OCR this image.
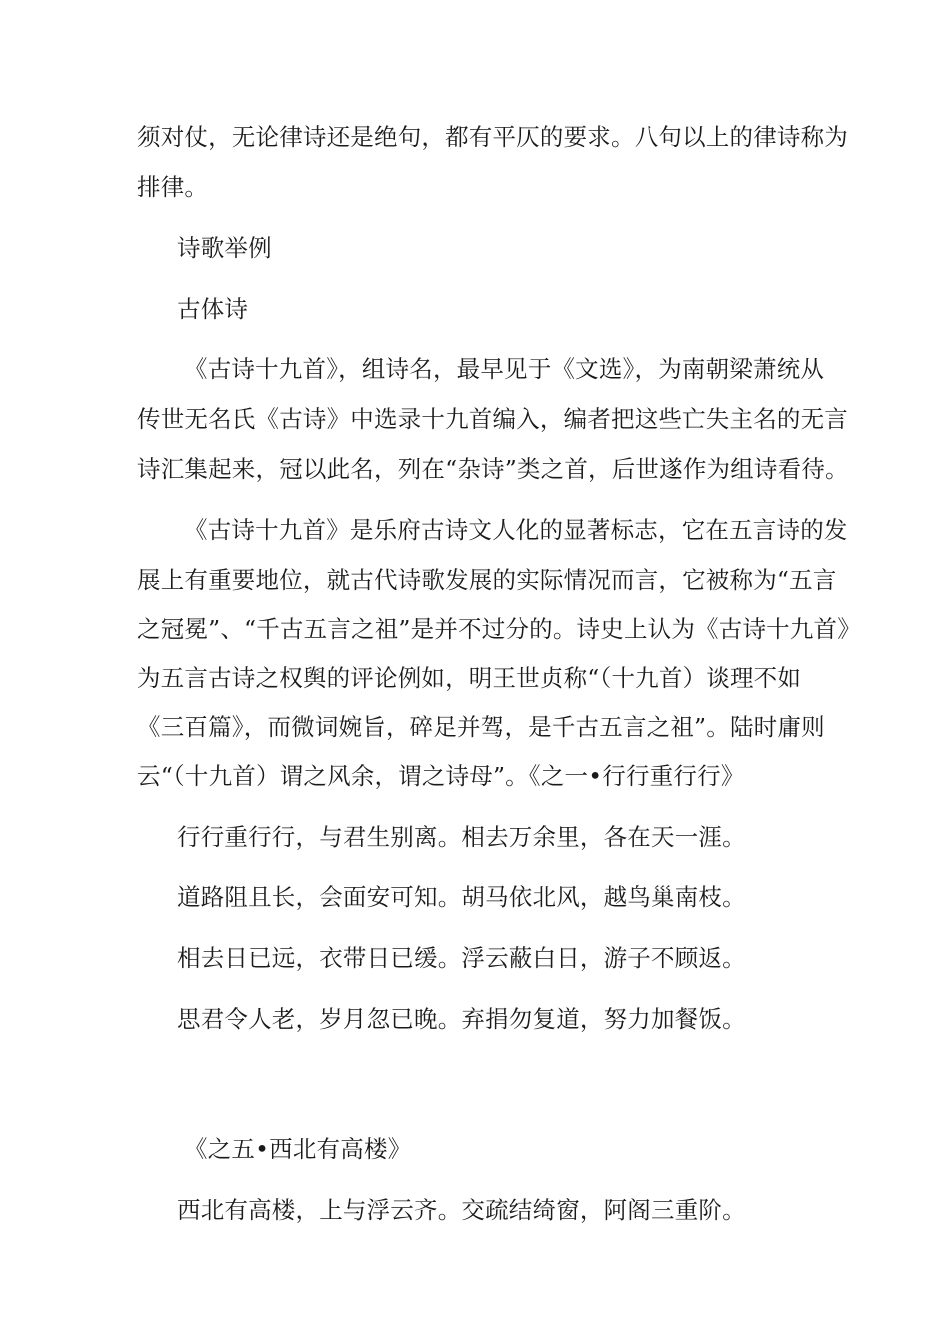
须对仗，无论律诗还是绝句，都有平仄的要求。八句以上的律诗称为
排律。
诗歌举例
古体诗
《古诗十九首》，组诗名，最早见于《文选》，为南朝梁萧统从
传世无名氏《古诗》中选录十九首编入，编者把这些亡失主名的无言
诗汇集起来，冠以此名，列在“杂诗”类之首，后世遂作为组诗看待。
《古诗十九首》是乐府古诗文人化的显著标志，它在五言诗的发
展上有重要地位，就古代诗歌发展的实际情况而言，它被称为“五言
之冠冕”、“千古五言之祖”是并不过分的。诗史上认为《古诗十九首》
为五言古诗之权舆的评论例如，明王世贞称“（十九首）谈理不如
《三百篇》，而微词婉旨，碎足并驾，是千古五言之祖”。陆时庸则
云“（十九首）谓之风余，谓之诗母”。《之一•行行重行行》
行行重行行，与君生别离。相去万余里，各在天一涯。
道路阻且长，会面安可知。胡马依北风，越鸟巢南枝。
相去日已远，衣带日已缓。浮云蔽白日，游子不顾返。
思君令人老，岁月忽已晚。弃捐勿复道，努力加餐饭。
《之五•西北有高楼》
西北有高楼，上与浮云齐。交疏结绮窗，阿阁三重阶。
